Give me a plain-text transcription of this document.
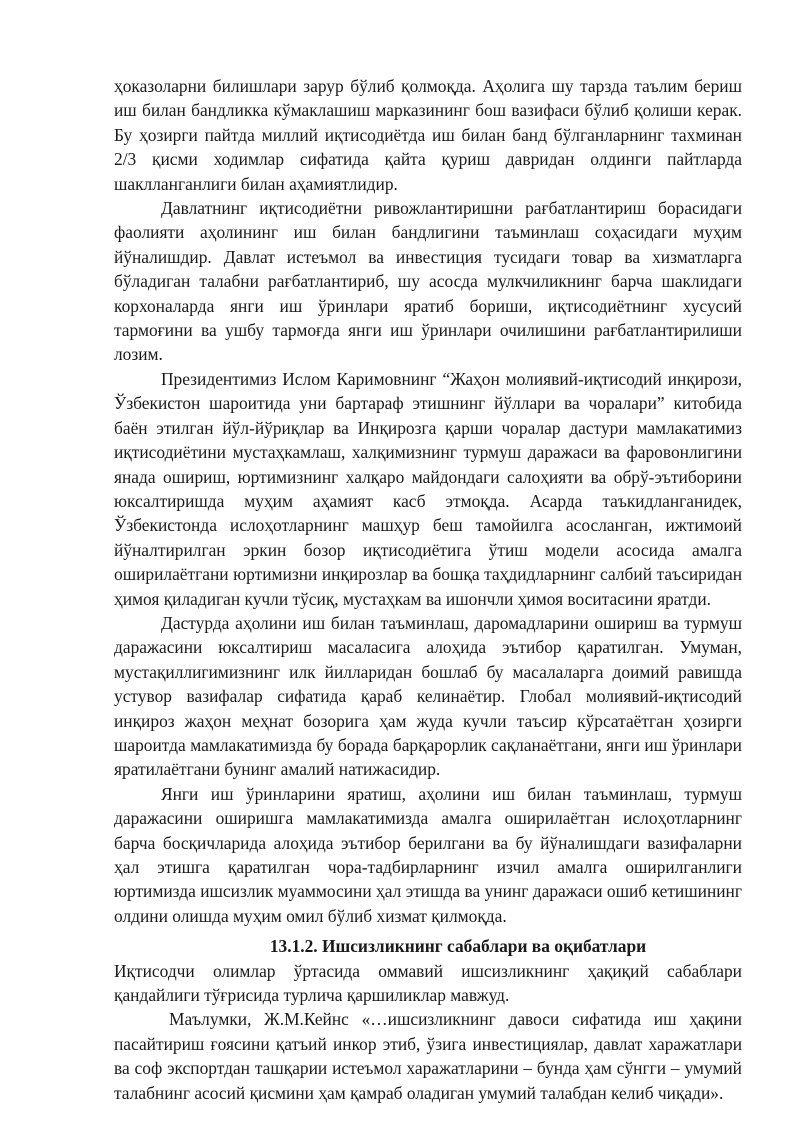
ҳоказоларни билишлари зарур бўлиб қолмоқда. Аҳолига шу тарзда таълим бериш иш билан бандликка кўмаклашиш марказининг бош вазифаси бўлиб қолиши керак. Бу ҳозирги пайтда миллий иқтисодиётда иш билан банд бўлганларнинг тахминан 2/3 қисми ходимлар сифатида қайта қуриш давридан олдинги пайтларда шаклланганлиги билан аҳамиятлидир.

Давлатнинг иқтисодиётни ривожлантиришни рағбатлантириш борасидаги фаолияти аҳолининг иш билан бандлигини таъминлаш соҳасидаги муҳим йўналишдир. Давлат истеъмол ва инвестиция тусидаги товар ва хизматларга бўладиган талабни рағбатлантириб, шу асосда мулкчиликнинг барча шаклидаги корхоналарда янги иш ўринлари яратиб бориши, иқтисодиётнинг хусусий тармоғини ва ушбу тармоғда янги иш ўринлари очилишини рағбатлантирилиши лозим.

Президентимиз Ислом Каримовнинг “Жаҳон молиявий-иқтисодий инқирози, Ўзбекистон шароитида уни бартараф этишнинг йўллари ва чоралари” китобида баён этилган йўл-йўриқлар ва Инқирозга қарши чоралар дастури мамлакатимиз иқтисодиётини мустаҳкамлаш, халқимизнинг турмуш даражаси ва фаровонлигини янада ошириш, юртимизнинг халқаро майдондаги салоҳияти ва обрў-эътиборини юксалтиришда муҳим аҳамият касб этмоқда. Асарда таъкидланганидек, Ўзбекистонда ислоҳотларнинг машҳур беш тамойилга асосланган, ижтимоий йўналтирилган эркин бозор иқтисодиётига ўтиш модели асосида амалга оширилаётгани юртимизни инқирозлар ва бошқа таҳдидларнинг салбий таъсиридан ҳимоя қиладиган кучли тўсиқ, мустаҳкам ва ишончли ҳимоя воситасини яратди.

Дастурда аҳолини иш билан таъминлаш, даромадларини ошириш ва турмуш даражасини юксалтириш масаласига алоҳида эътибор қаратилган. Умуман, мустақиллигимизнинг илк йилларидан бошлаб бу масалаларга доимий равишда устувор вазифалар сифатида қараб келинаётир. Глобал молиявий-иқтисодий инқироз жаҳон меҳнат бозорига ҳам жуда кучли таъсир кўрсатаётган ҳозирги шароитда мамлакатимизда бу борада барқарорлик сақланаётгани, янги иш ўринлари яратилаётгани бунинг амалий натижасидир.

Янги иш ўринларини яратиш, аҳолини иш билан таъминлаш, турмуш даражасини оширишга мамлакатимизда амалга оширилаётган ислоҳотларнинг барча босқичларида алоҳида эътибор берилгани ва бу йўналишдаги вазифаларни ҳал этишга қаратилган чора-тадбирларнинг изчил амалга оширилганлиги юртимизда ишсизлик муаммосини ҳал этишда ва унинг даражаси ошиб кетишининг олдини олишда муҳим омил бўлиб хизмат қилмоқда.

13.1.2. Ишсизликнинг сабаблари ва оқибатлари

Иқтисодчи олимлар ўртасида оммавий ишсизликнинг ҳақиқий сабаблари қандайлиги тўғрисида турлича қаршиликлар мавжуд.

Маълумки, Ж.М.Кейнс «…ишсизликнинг давоси сифатида иш ҳақини пасайтириш ғоясини қатъий инкор этиб, ўзига инвестициялар, давлат харажатлари ва соф экспортдан ташқарии истеъмол харажатларини – бунда ҳам сўнгги – умумий талабнинг асосий қисмини ҳам қамраб оладиган умумий талабдан келиб чиқади».
